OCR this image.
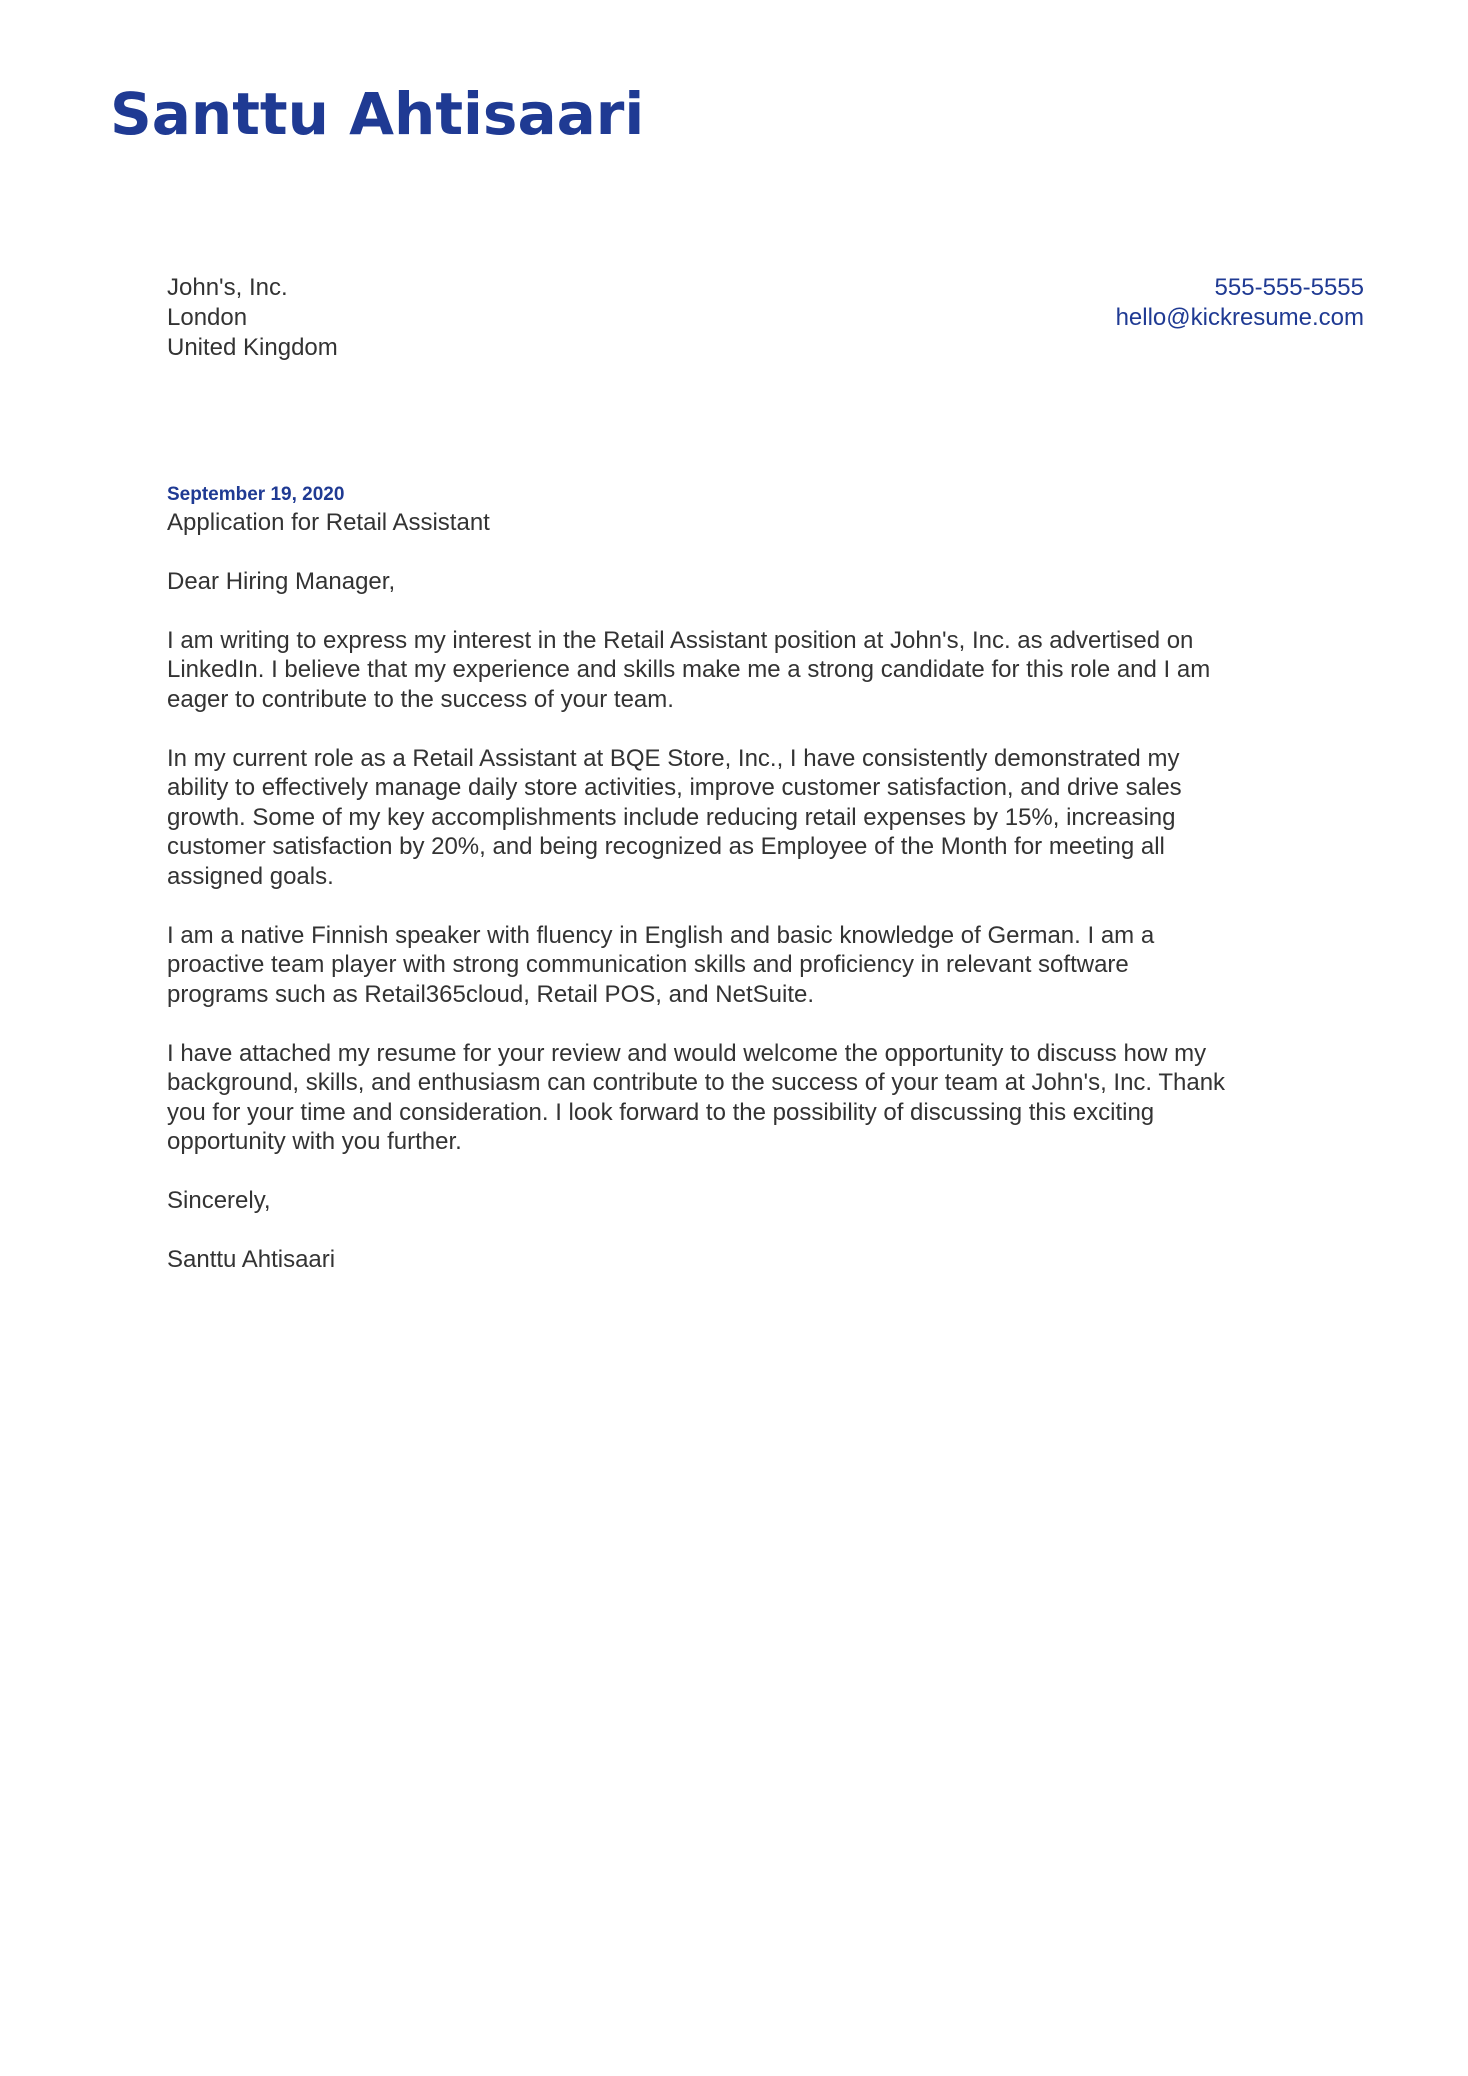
Santtu Ahtisaari
John's, Inc.
London
United Kingdom
555-555-5555
hello@kickresume.com
September 19, 2020
Application for Retail Assistant
Dear Hiring Manager,
I am writing to express my interest in the Retail Assistant position at John's, Inc. as advertised on
LinkedIn. I believe that my experience and skills make me a strong candidate for this role and I am
eager to contribute to the success of your team.
In my current role as a Retail Assistant at BQE Store, Inc., I have consistently demonstrated my
ability to effectively manage daily store activities, improve customer satisfaction, and drive sales
growth. Some of my key accomplishments include reducing retail expenses by 15%, increasing
customer satisfaction by 20%, and being recognized as Employee of the Month for meeting all
assigned goals.
I am a native Finnish speaker with fluency in English and basic knowledge of German. I am a
proactive team player with strong communication skills and proficiency in relevant software
programs such as Retail365cloud, Retail POS, and NetSuite.
I have attached my resume for your review and would welcome the opportunity to discuss how my
background, skills, and enthusiasm can contribute to the success of your team at John's, Inc. Thank
you for your time and consideration. I look forward to the possibility of discussing this exciting
opportunity with you further.
Sincerely,
Santtu Ahtisaari
